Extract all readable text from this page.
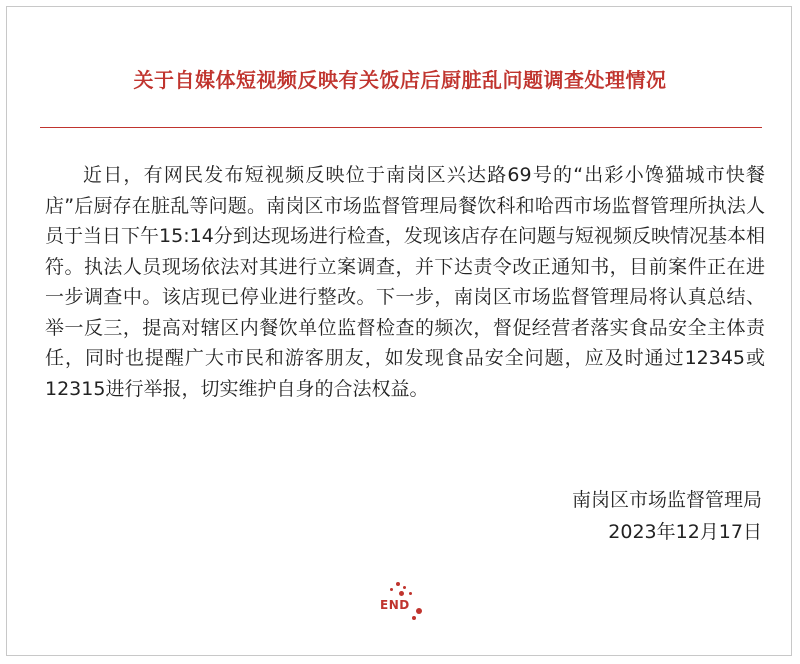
关于自媒体短视频反映有关饭店后厨脏乱问题调查处理情况

近日，有网民发布短视频反映位于南岗区兴达路69号的“出彩小馋猫城市快餐店”后厨存在脏乱等问题。南岗区市场监督管理局餐饮科和哈西市场监督管理所执法人员于当日下午15:14分到达现场进行检查，发现该店存在问题与短视频反映情况基本相符。执法人员现场依法对其进行立案调查，并下达责令改正通知书，目前案件正在进一步调查中。该店现已停业进行整改。下一步，南岗区市场监督管理局将认真总结、举一反三，提高对辖区内餐饮单位监督检查的频次，督促经营者落实食品安全主体责任，同时也提醒广大市民和游客朋友，如发现食品安全问题，应及时通过12345或12315进行举报，切实维护自身的合法权益。

南岗区市场监督管理局
2023年12月17日
END
